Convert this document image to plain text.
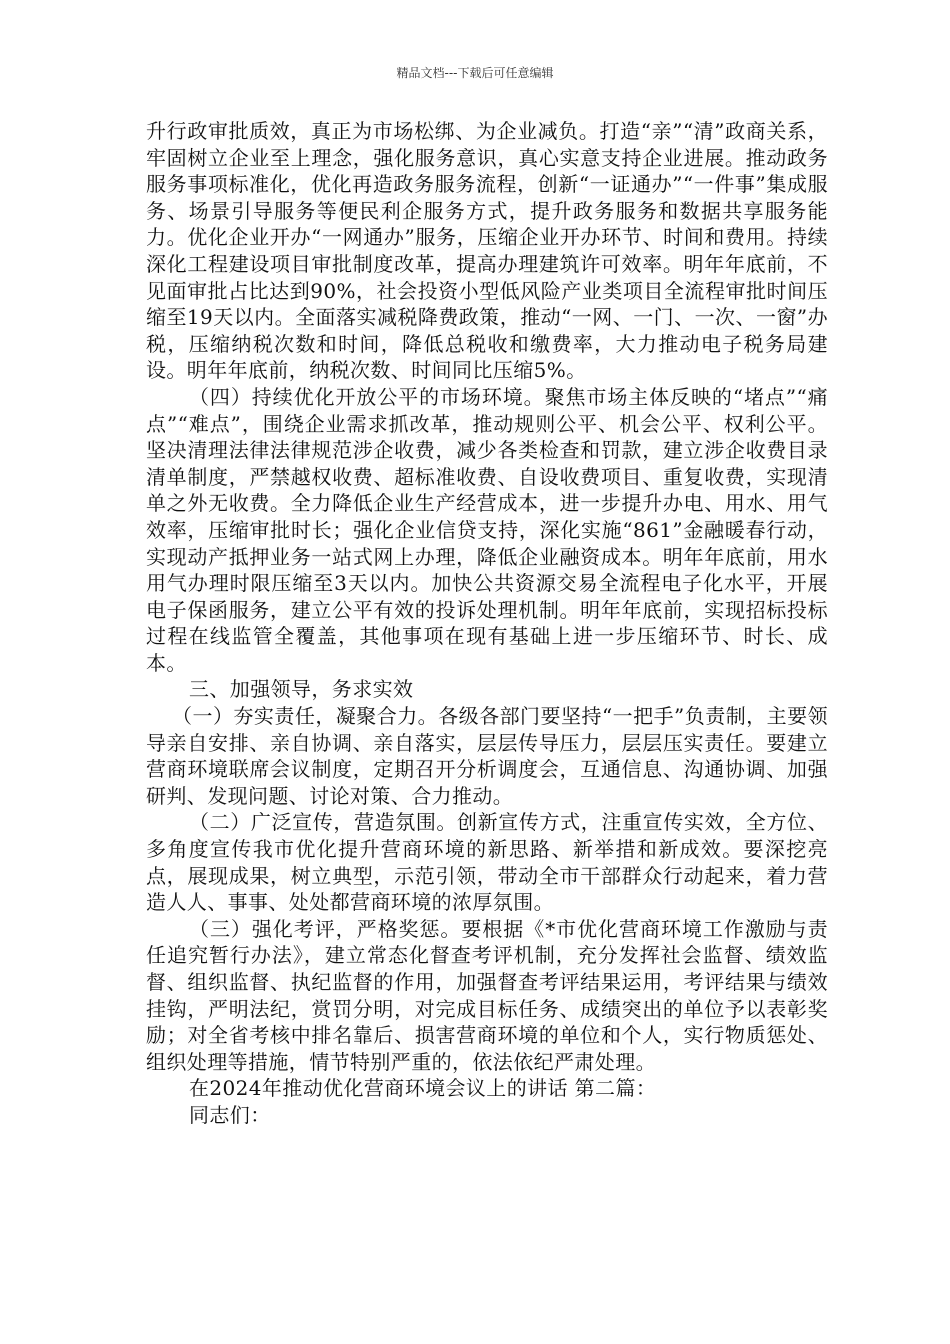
精品文档---下载后可任意编辑

升行政审批质效，真正为市场松绑、为企业减负。打造“亲”“清”政商关系，牢固树立企业至上理念，强化服务意识，真心实意支持企业进展。推动政务服务事项标准化，优化再造政务服务流程，创新“一证通办”“一件事”集成服务、场景引导服务等便民利企服务方式，提升政务服务和数据共享服务能力。优化企业开办“一网通办”服务，压缩企业开办环节、时间和费用。持续深化工程建设项目审批制度改革，提高办理建筑许可效率。明年年底前，不见面审批占比达到90%，社会投资小型低风险产业类项目全流程审批时间压缩至19天以内。全面落实减税降费政策，推动“一网、一门、一次、一窗”办税，压缩纳税次数和时间，降低总税收和缴费率，大力推动电子税务局建设。明年年底前，纳税次数、时间同比压缩5%。

（四）持续优化开放公平的市场环境。聚焦市场主体反映的“堵点”“痛点”“难点”，围绕企业需求抓改革，推动规则公平、机会公平、权利公平。坚决清理法律法律规范涉企收费，减少各类检查和罚款，建立涉企收费目录清单制度，严禁越权收费、超标准收费、自设收费项目、重复收费，实现清单之外无收费。全力降低企业生产经营成本，进一步提升办电、用水、用气效率，压缩审批时长；强化企业信贷支持，深化实施“861”金融暖春行动，实现动产抵押业务一站式网上办理，降低企业融资成本。明年年底前，用水用气办理时限压缩至3天以内。加快公共资源交易全流程电子化水平，开展电子保函服务，建立公平有效的投诉处理机制。明年年底前，实现招标投标过程在线监管全覆盖，其他事项在现有基础上进一步压缩环节、时长、成本。

三、加强领导，务求实效

（一）夯实责任，凝聚合力。各级各部门要坚持“一把手”负责制，主要领导亲自安排、亲自协调、亲自落实，层层传导压力，层层压实责任。要建立营商环境联席会议制度，定期召开分析调度会，互通信息、沟通协调、加强研判、发现问题、讨论对策、合力推动。

（二）广泛宣传，营造氛围。创新宣传方式，注重宣传实效，全方位、多角度宣传我市优化提升营商环境的新思路、新举措和新成效。要深挖亮点，展现成果，树立典型，示范引领，带动全市干部群众行动起来，着力营造人人、事事、处处都营商环境的浓厚氛围。

（三）强化考评，严格奖惩。要根据《*市优化营商环境工作激励与责任追究暂行办法》，建立常态化督查考评机制，充分发挥社会监督、绩效监督、组织监督、执纪监督的作用，加强督查考评结果运用，考评结果与绩效挂钩，严明法纪，赏罚分明，对完成目标任务、成绩突出的单位予以表彰奖励；对全省考核中排名靠后、损害营商环境的单位和个人，实行物质惩处、组织处理等措施，情节特别严重的，依法依纪严肃处理。

在2024年推动优化营商环境会议上的讲话 第二篇：

同志们：
